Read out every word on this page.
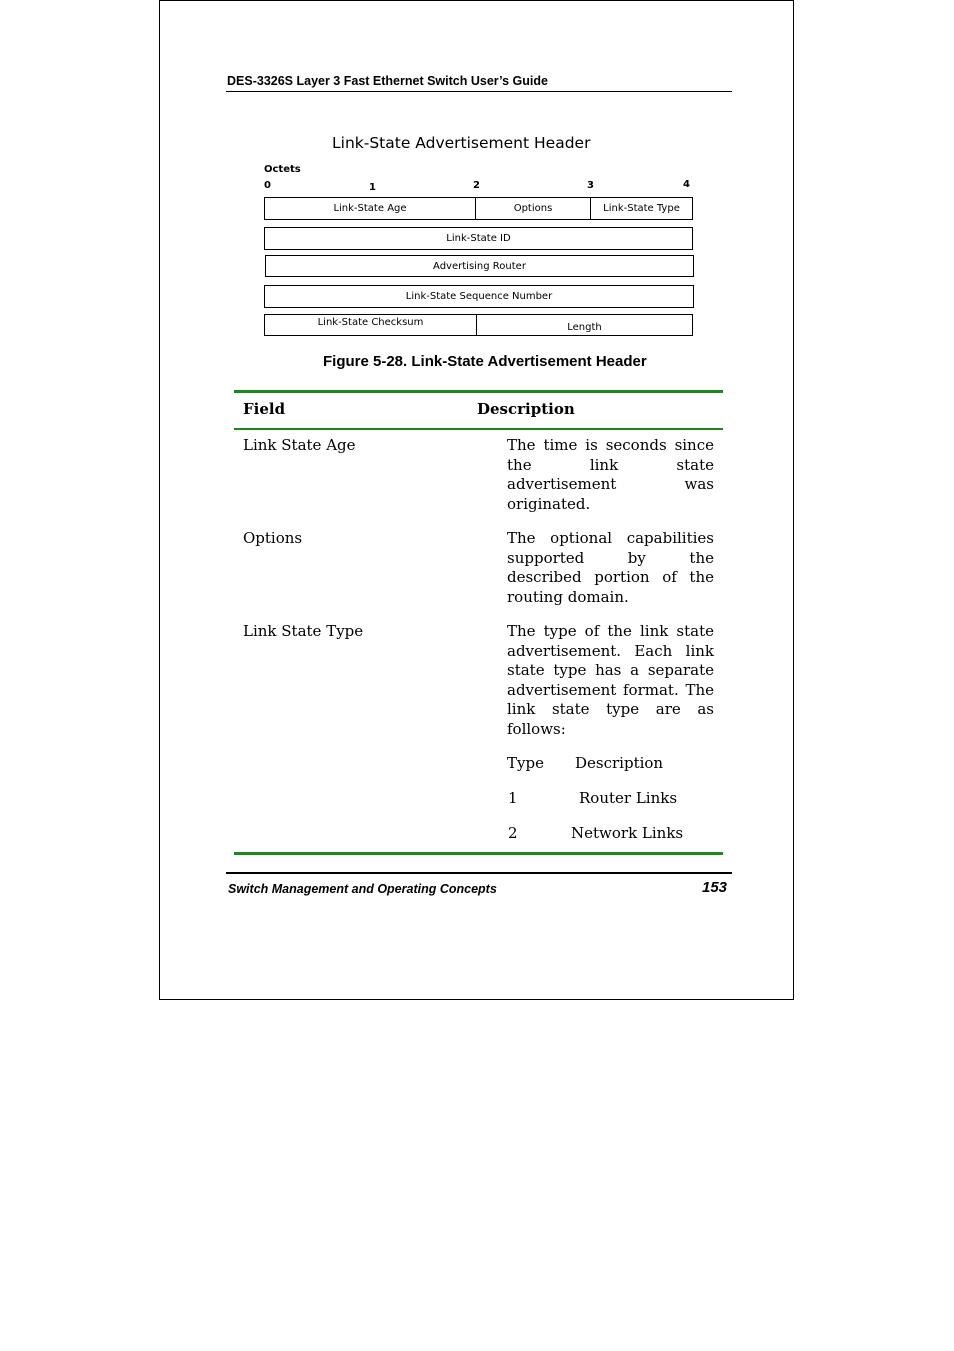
DES-3326S Layer 3 Fast Ethernet Switch User’s Guide
Link-State Advertisement Header
Octets
0	1	2	3	4
Link-State Age	Options	Link-State Type
Link-State ID
Advertising Router
Link-State Sequence Number
Link-State Checksum	Length
Figure 5-28. Link-State Advertisement Header
Field	Description
Link State Age	The time is seconds since the link state advertisement was originated.
Options	The optional capabilities supported by the described portion of the routing domain.
Link State Type	The type of the link state advertisement. Each link state type has a separate advertisement format. The link state type are as follows:
Type Description
1	Router Links
2	Network Links
Switch Management and Operating Concepts	153
